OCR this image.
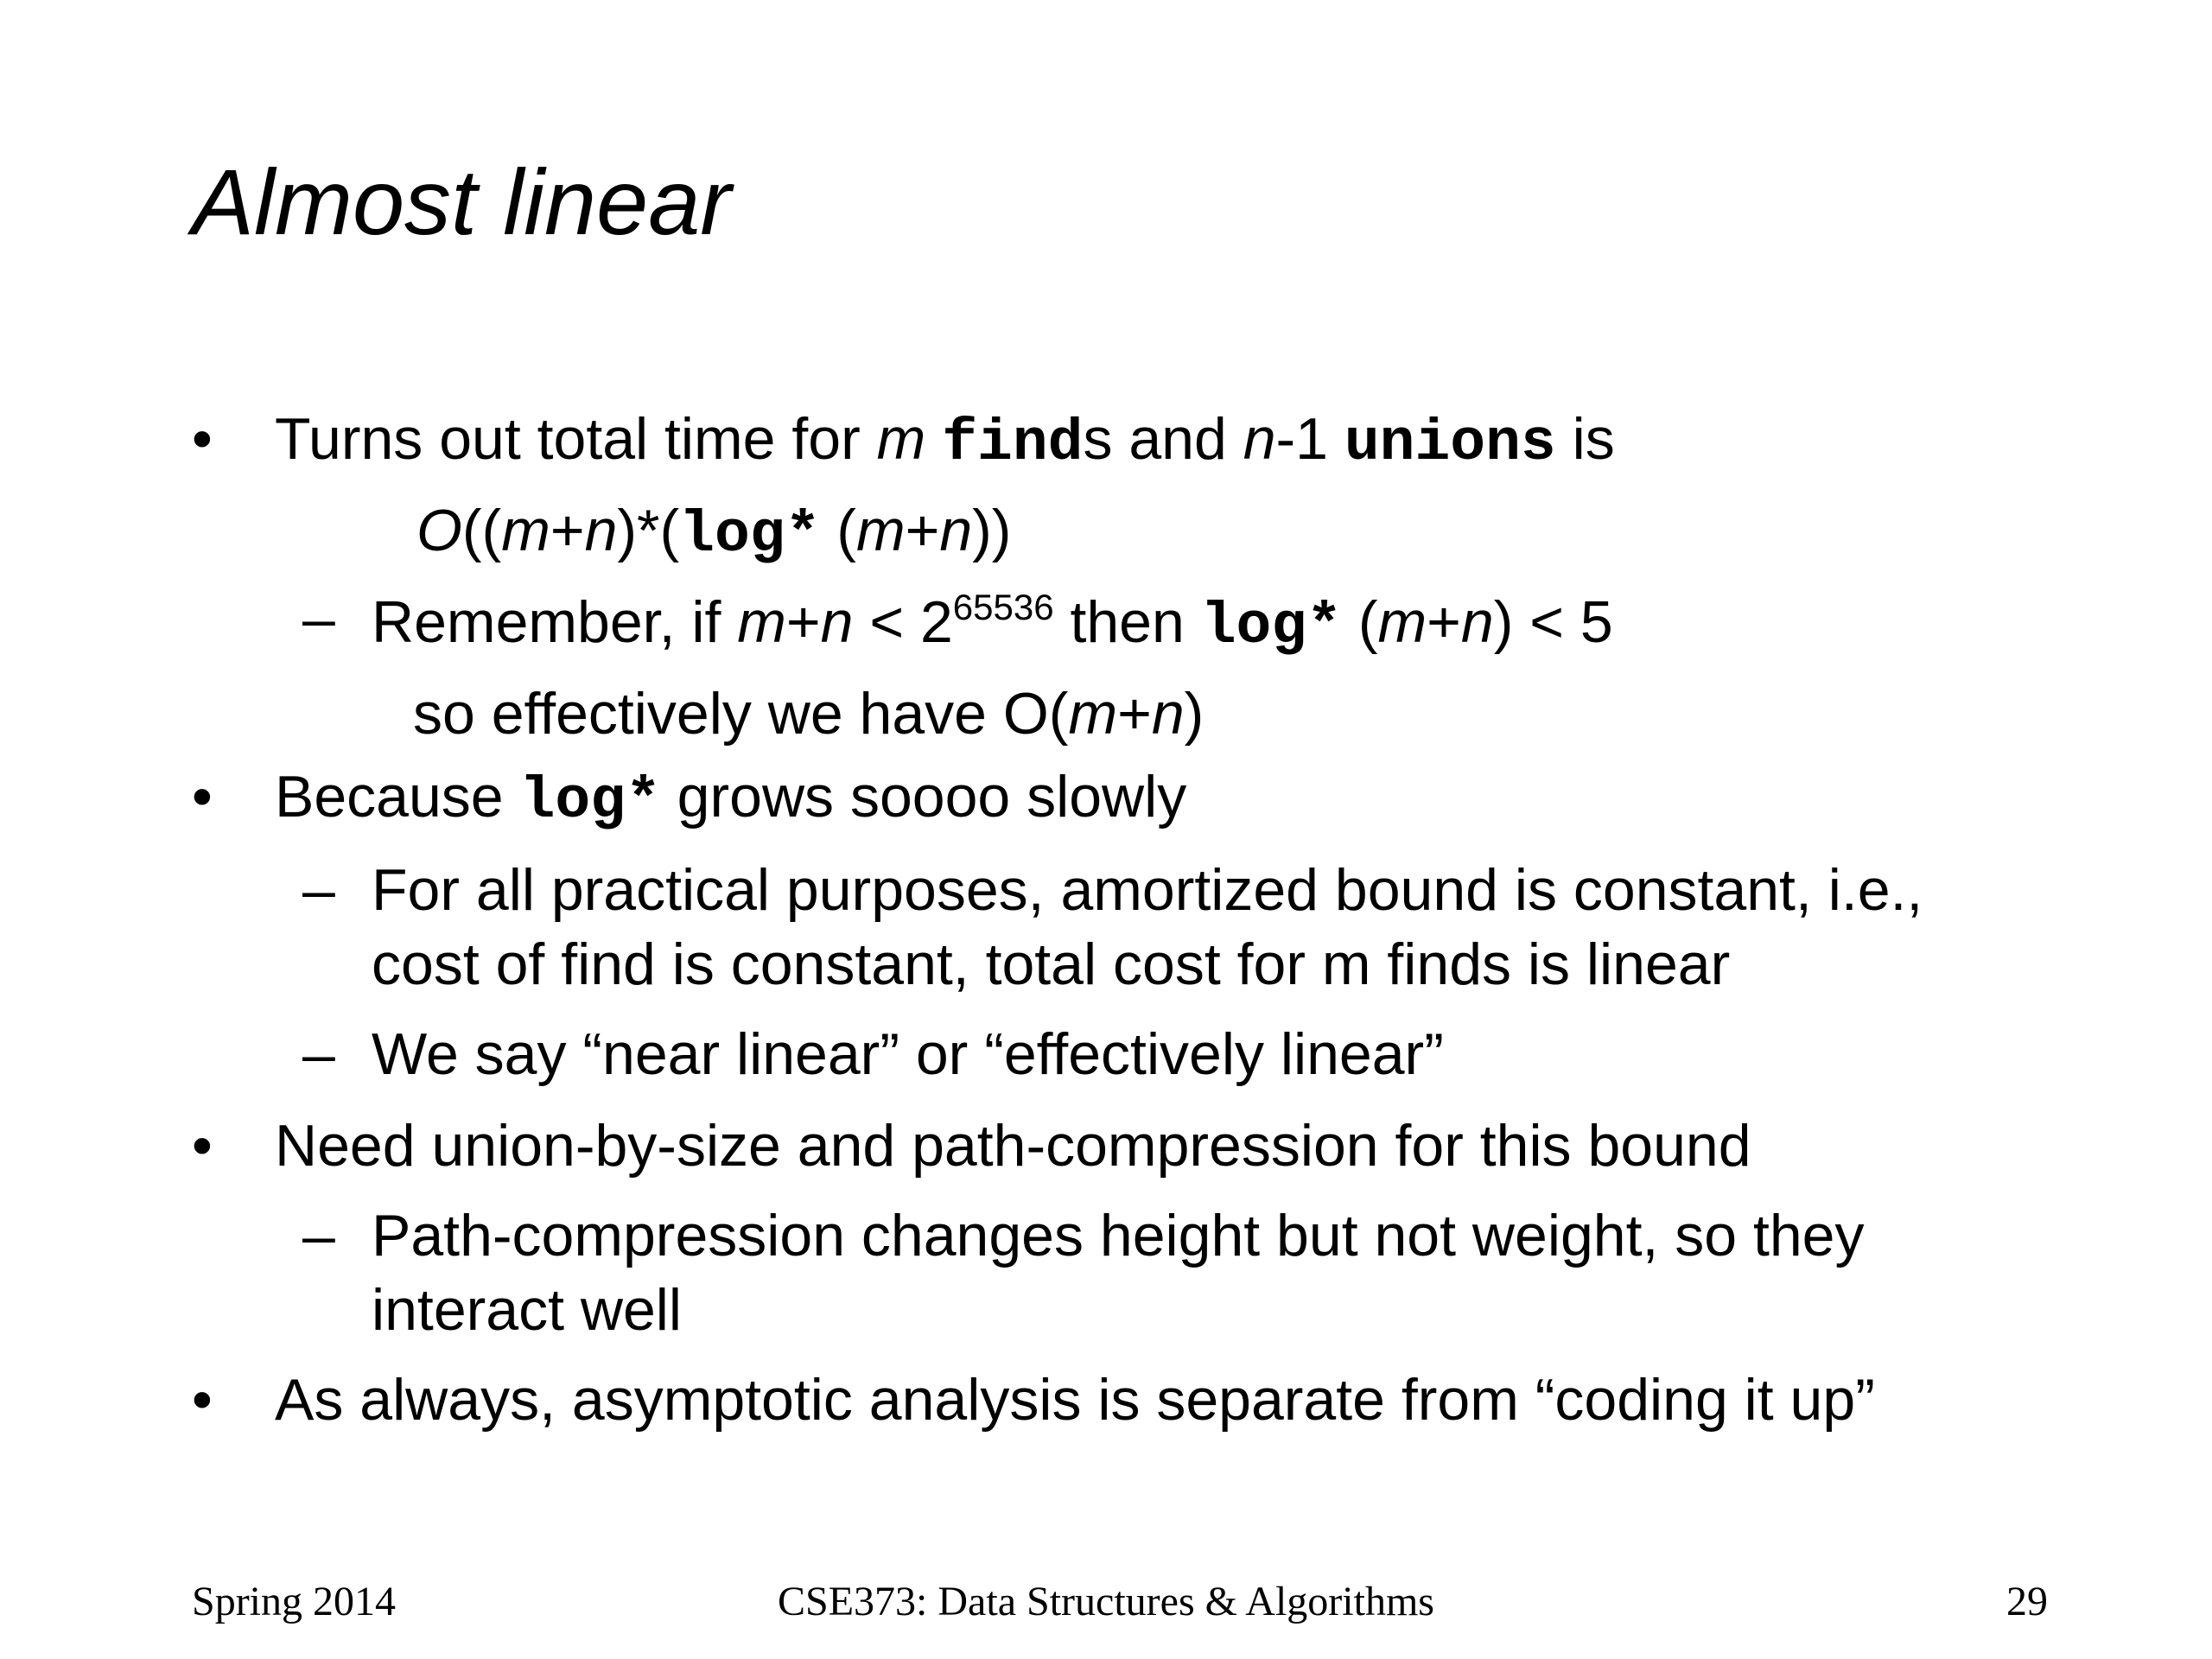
Almost linear
• Turns out total time for m finds and n-1 unions is
O((m+n)*(log* (m+n))
– Remember, if $m+n < 2^{65536}$ then log* (m+n) < 5
so effectively we have O(m+n)
• Because log* grows soooo slowly
– For all practical purposes, amortized bound is constant, i.e.,
cost of find is constant, total cost for m finds is linear
– We say “near linear” or “effectively linear”
• Need union-by-size and path-compression for this bound
– Path-compression changes height but not weight, so they
interact well
• As always, asymptotic analysis is separate from “coding it up”
Spring 2014	CSE373: Data Structures & Algorithms	29
